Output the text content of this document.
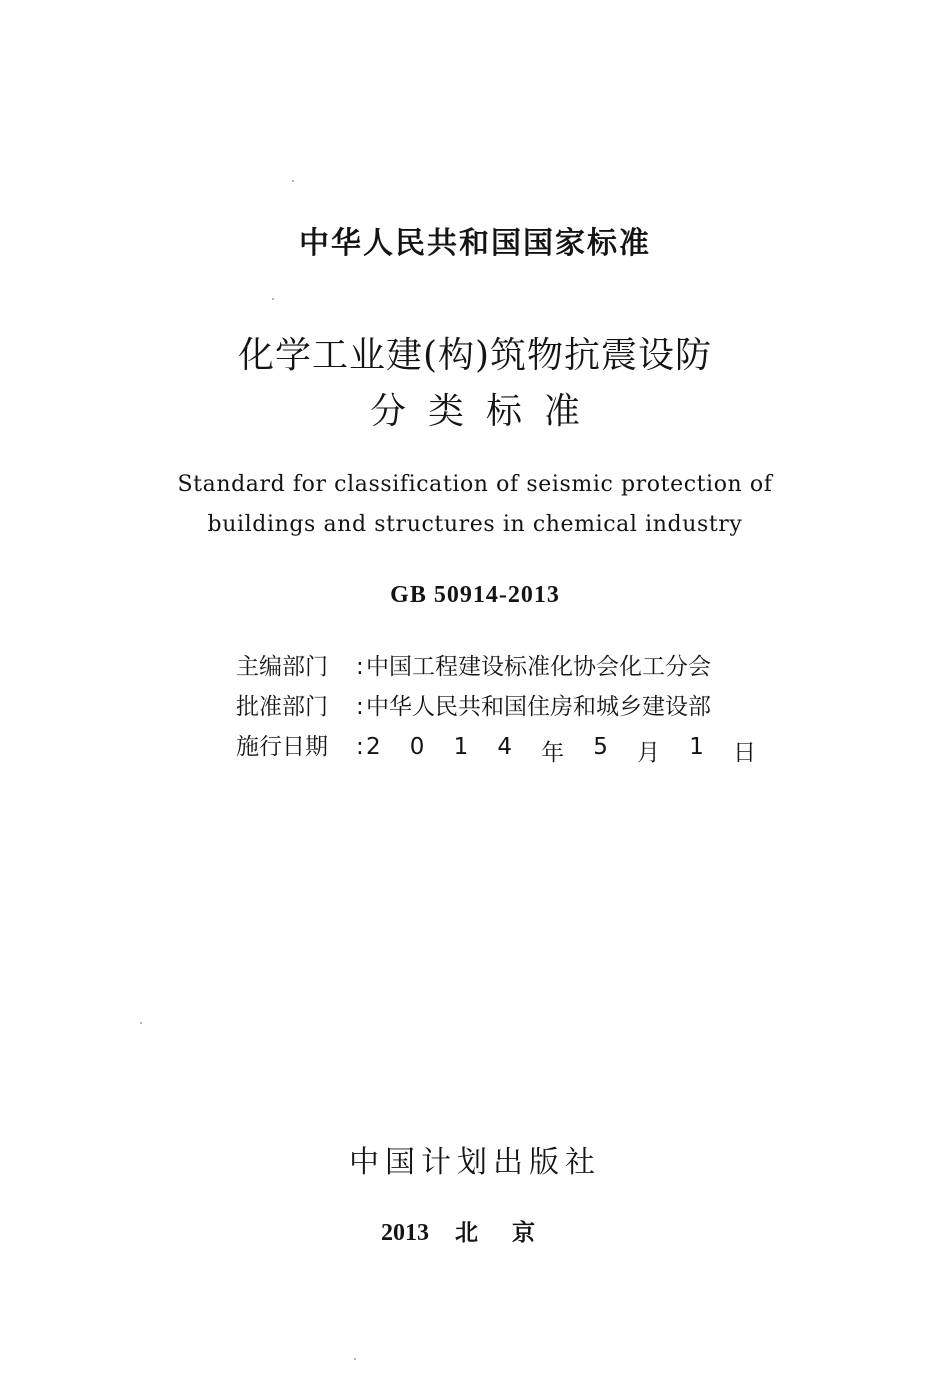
中华人民共和国国家标准
化学工业建(构)筑物抗震设防
分类标准
Standard for classification of seismic protection of
buildings and structures in chemical industry
GB 50914-2013
主编部门	: 中国工程建设标准化协会化工分会
批准部门	: 中华人民共和国住房和城乡建设部
施行日期	: 2 0 1 4 年 5 月 1 日
中国计划出版社
2013 北京
